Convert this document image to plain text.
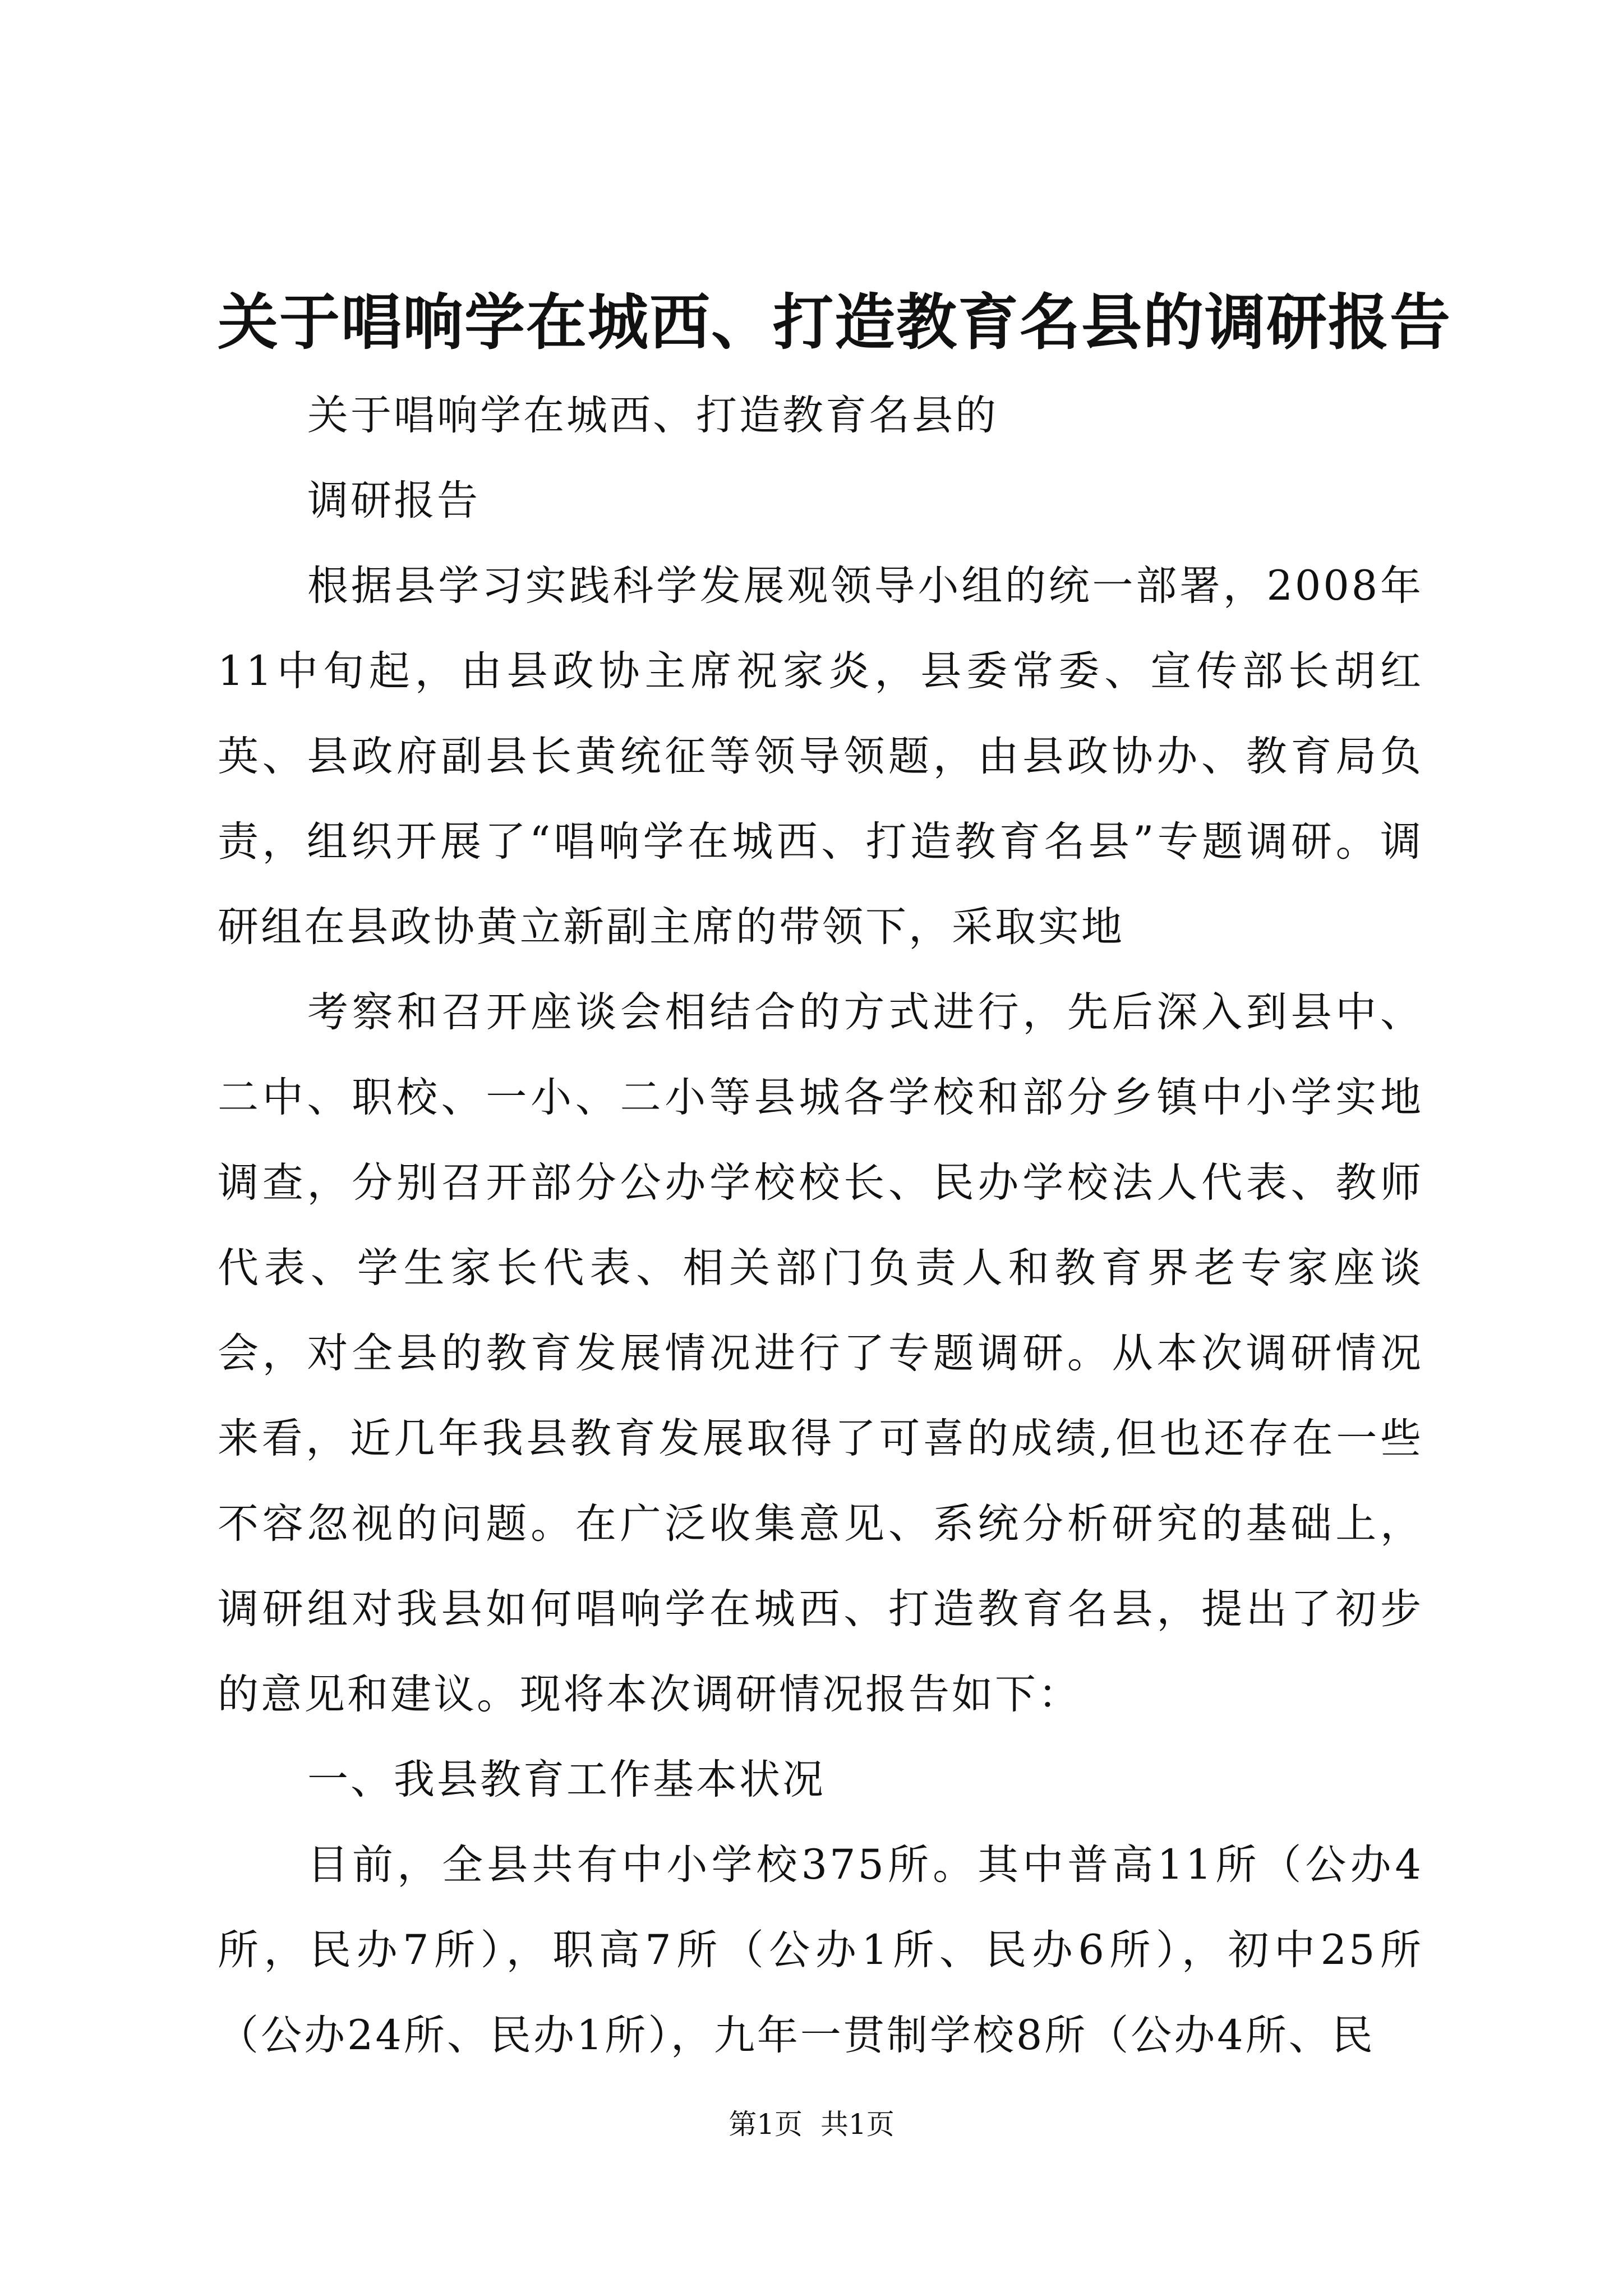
关于唱响学在城西、打造教育名县的调研报告

关于唱响学在城西、打造教育名县的

调研报告

根据县学习实践科学发展观领导小组的统一部署，2008年11中旬起，由县政协主席祝家炎，县委常委、宣传部长胡红英、县政府副县长黄统征等领导领题，由县政协办、教育局负责，组织开展了“唱响学在城西、打造教育名县”专题调研。调研组在县政协黄立新副主席的带领下，采取实地

考察和召开座谈会相结合的方式进行，先后深入到县中、二中、职校、一小、二小等县城各学校和部分乡镇中小学实地调查，分别召开部分公办学校校长、民办学校法人代表、教师代表、学生家长代表、相关部门负责人和教育界老专家座谈会，对全县的教育发展情况进行了专题调研。从本次调研情况来看，近几年我县教育发展取得了可喜的成绩,但也还存在一些不容忽视的问题。在广泛收集意见、系统分析研究的基础上，调研组对我县如何唱响学在城西、打造教育名县，提出了初步的意见和建议。现将本次调研情况报告如下：

一、我县教育工作基本状况

目前，全县共有中小学校375所。其中普高11所（公办4所，民办7所），职高7所（公办1所、民办6所），初中25所（公办24所、民办1所），九年一贯制学校8所（公办4所、民

第1页 共1页
